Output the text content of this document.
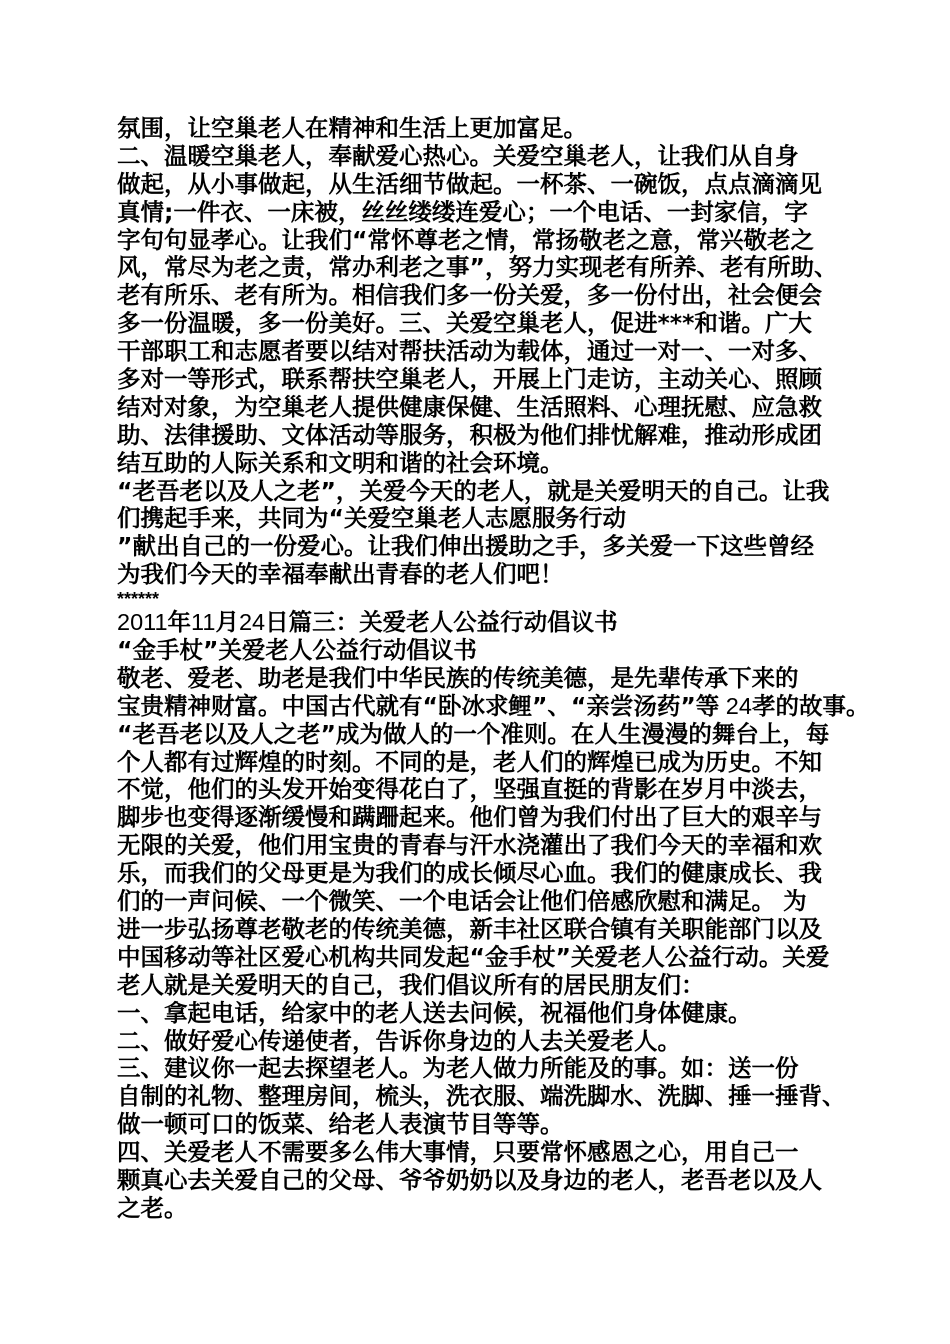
氛围，让空巢老人在精神和生活上更加富足。
二、温暖空巢老人，奉献爱心热心。关爱空巢老人，让我们从自身
做起，从小事做起，从生活细节做起。一杯茶、一碗饭，点点滴滴见
真情;一件衣、一床被，丝丝缕缕连爱心；一个电话、一封家信，字
字句句显孝心。让我们“常怀尊老之情，常扬敬老之意，常兴敬老之
风，常尽为老之责，常办利老之事”，努力实现老有所养、老有所助、
老有所乐、老有所为。相信我们多一份关爱，多一份付出，社会便会
多一份温暖，多一份美好。三、关爱空巢老人，促进***和谐。广大
干部职工和志愿者要以结对帮扶活动为载体，通过一对一、一对多、
多对一等形式，联系帮扶空巢老人，开展上门走访，主动关心、照顾
结对对象，为空巢老人提供健康保健、生活照料、心理抚慰、应急救
助、法律援助、文体活动等服务，积极为他们排忧解难，推动形成团
结互助的人际关系和文明和谐的社会环境。
“老吾老以及人之老”，关爱今天的老人，就是关爱明天的自己。让我
们携起手来，共同为“关爱空巢老人志愿服务行动
”献出自己的一份爱心。让我们伸出援助之手，多关爱一下这些曾经
为我们今天的幸福奉献出青春的老人们吧！
******
2011年11月24日篇三：关爱老人公益行动倡议书
“金手杖”关爱老人公益行动倡议书
敬老、爱老、助老是我们中华民族的传统美德，是先辈传承下来的
宝贵精神财富。中国古代就有“卧冰求鲤”、“亲尝汤药”等 24孝的故事。
“老吾老以及人之老”成为做人的一个准则。在人生漫漫的舞台上，每
个人都有过辉煌的时刻。不同的是，老人们的辉煌已成为历史。不知
不觉，他们的头发开始变得花白了，坚强直挺的背影在岁月中淡去，
脚步也变得逐渐缓慢和蹒跚起来。他们曾为我们付出了巨大的艰辛与
无限的关爱，他们用宝贵的青春与汗水浇灌出了我们今天的幸福和欢
乐，而我们的父母更是为我们的成长倾尽心血。我们的健康成长、我
们的一声问候、一个微笑、一个电话会让他们倍感欣慰和满足。 为
进一步弘扬尊老敬老的传统美德，新丰社区联合镇有关职能部门以及
中国移动等社区爱心机构共同发起“金手杖”关爱老人公益行动。关爱
老人就是关爱明天的自己，我们倡议所有的居民朋友们：
一、拿起电话，给家中的老人送去问候，祝福他们身体健康。
二、做好爱心传递使者，告诉你身边的人去关爱老人。
三、建议你一起去探望老人。为老人做力所能及的事。如：送一份
自制的礼物、整理房间，梳头，洗衣服、端洗脚水、洗脚、捶一捶背、
做一顿可口的饭菜、给老人表演节目等等。
四、关爱老人不需要多么伟大事情，只要常怀感恩之心，用自己一
颗真心去关爱自己的父母、爷爷奶奶以及身边的老人，老吾老以及人
之老。
